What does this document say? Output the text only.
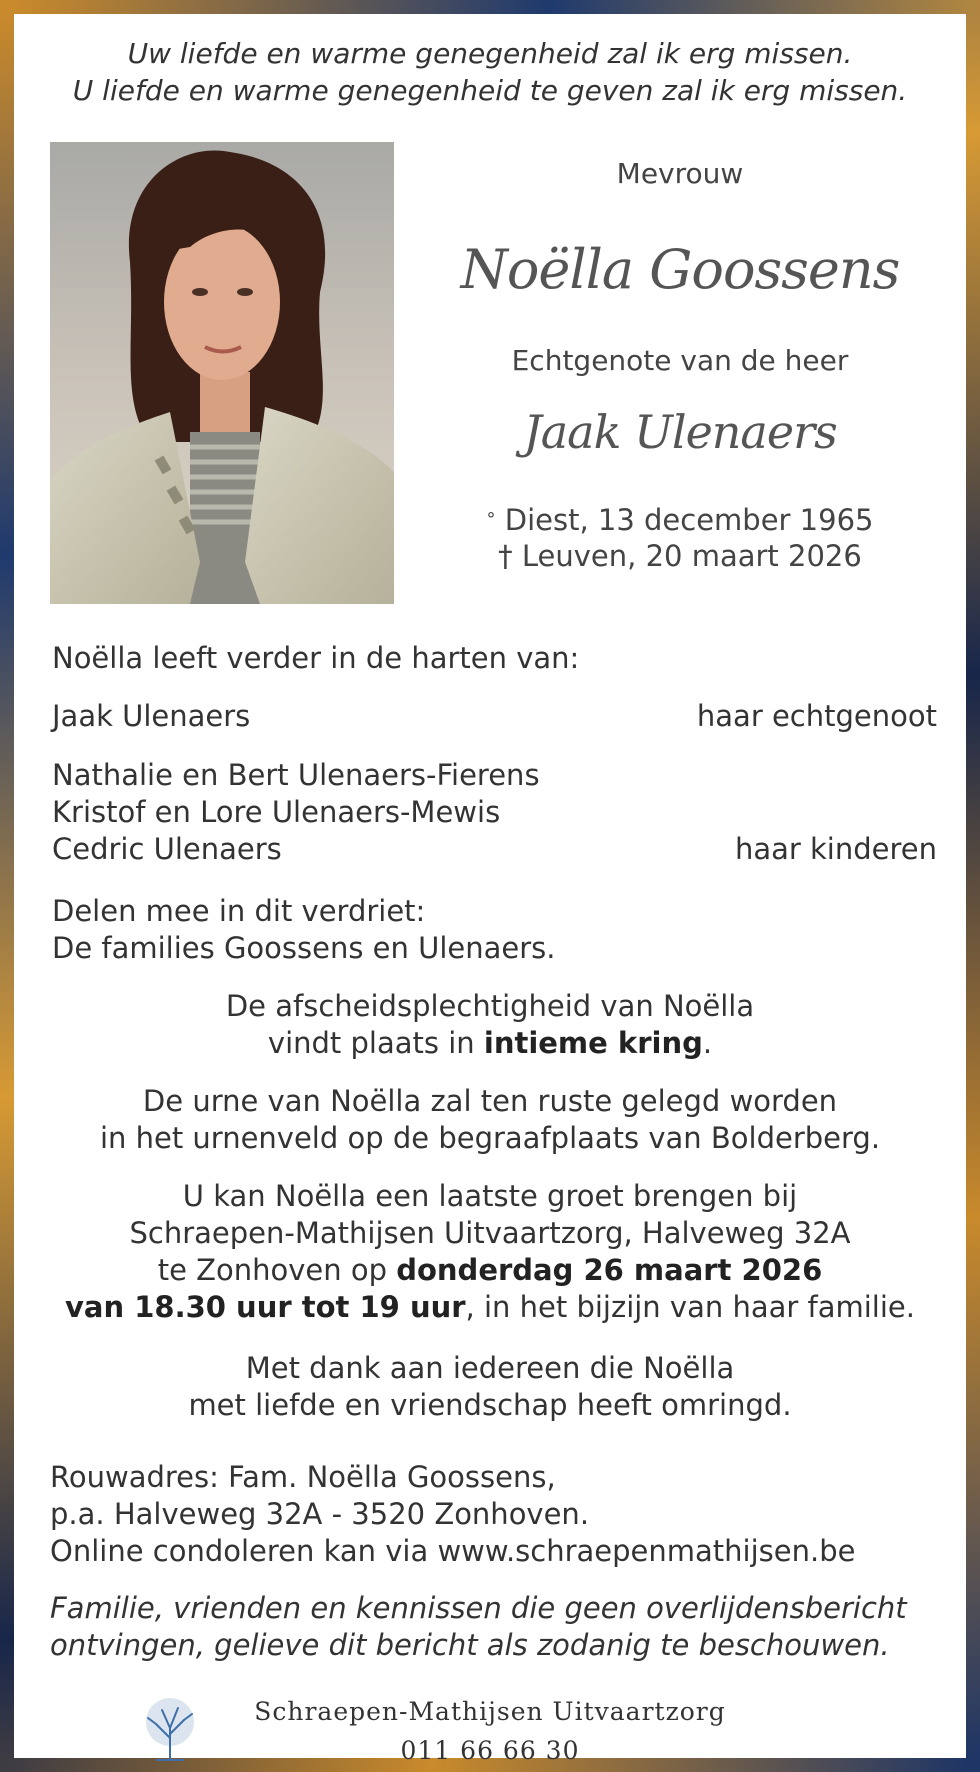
Uw liefde en warme genegenheid zal ik erg missen.
U liefde en warme genegenheid te geven zal ik erg missen.
Mevrouw
Noëlla Goossens
Echtgenote van de heer
Jaak Ulenaers
° Diest, 13 december 1965
† Leuven, 20 maart 2026
Noëlla leeft verder in de harten van:
Jaak Ulenaers	haar echtgenoot
Nathalie en Bert Ulenaers-Fierens
Kristof en Lore Ulenaers-Mewis
Cedric Ulenaers	haar kinderen
Delen mee in dit verdriet:
De families Goossens en Ulenaers.
De afscheidsplechtigheid van Noëlla
vindt plaats in intieme kring.
De urne van Noëlla zal ten ruste gelegd worden
in het urnenveld op de begraafplaats van Bolderberg.
U kan Noëlla een laatste groet brengen bij
Schraepen-Mathijsen Uitvaartzorg, Halveweg 32A
te Zonhoven op donderdag 26 maart 2026
van 18.30 uur tot 19 uur, in het bijzijn van haar familie.
Met dank aan iedereen die Noëlla
met liefde en vriendschap heeft omringd.
Rouwadres: Fam. Noëlla Goossens,
p.a. Halveweg 32A - 3520 Zonhoven.
Online condoleren kan via www.schraepenmathijsen.be
Familie, vrienden en kennissen die geen overlijdensbericht
ontvingen, gelieve dit bericht als zodanig te beschouwen.
Schraepen-Mathijsen Uitvaartzorg
011 66 66 30
